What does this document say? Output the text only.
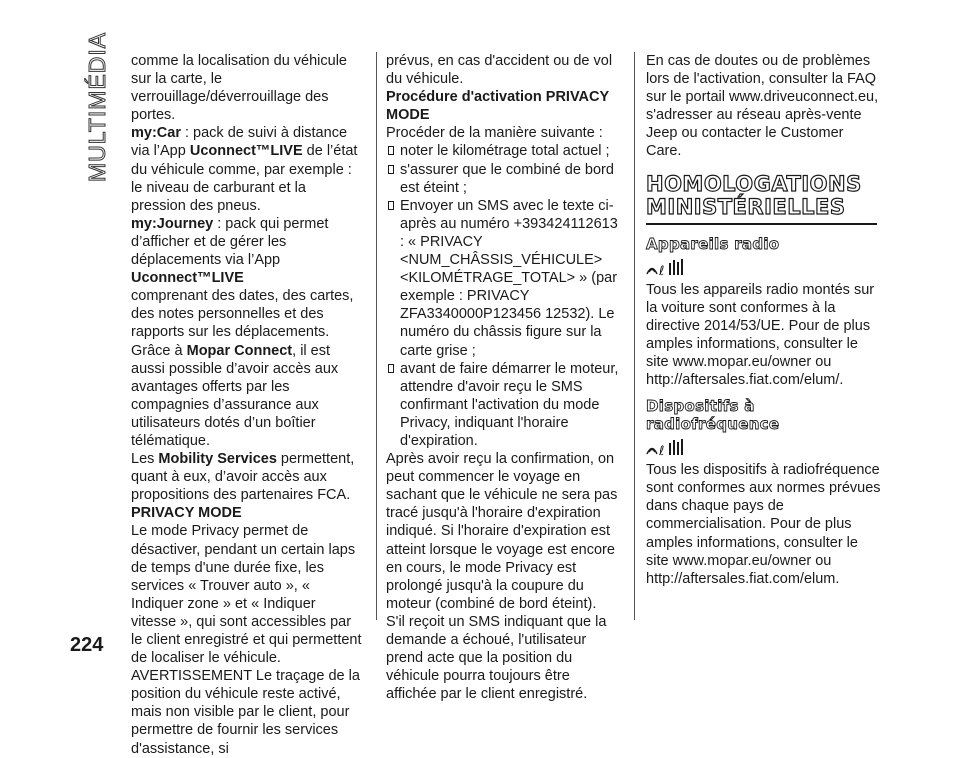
MULTIMÉDIA comme la localisation du véhicule sur la carte, le verrouillage/déverrouillage des portes.

my:Car : pack de suivi à distance via l’App Uconnect™LIVE de l’état du véhicule comme, par exemple : le niveau de carburant et la pression des pneus.

my:Journey : pack qui permet d’afficher et de gérer les déplacements via l’App Uconnect™LIVE

comprenant des dates, des cartes, des notes personnelles et des rapports sur les déplacements.

Grâce à Mopar Connect, il est aussi possible d’avoir accès aux avantages offerts par les compagnies d’assurance aux utilisateurs dotés d’un boîtier télématique.

Les Mobility Services permettent, quant à eux, d’avoir accès aux propositions des partenaires FCA.

PRIVACY MODE

Le mode Privacy permet de désactiver, pendant un certain laps de temps d'une durée fixe, les services « Trouver auto », « Indiquer zone » et « Indiquer vitesse », qui sont accessibles par le client enregistré et qui permettent de localiser le véhicule.

AVERTISSEMENT Le traçage de la position du véhicule reste activé, mais non visible par le client, pour permettre de fournir les services d'assistance, si

prévus, en cas d'accident ou de vol du véhicule.

Procédure d'activation PRIVACY MODE

Procéder de la manière suivante :

noter le kilométrage total actuel ;
s'assurer que le combiné de bord est éteint ;
Envoyer un SMS avec le texte ci-après au numéro +393424112613 : « PRIVACY <NUM_CHÂSSIS_VÉHICULE> <KILOMÉTRAGE_TOTAL> » (par exemple : PRIVACY ZFA3340000P123456 12532). Le numéro du châssis figure sur la carte grise ;
avant de faire démarrer le moteur, attendre d'avoir reçu le SMS confirmant l'activation du mode Privacy, indiquant l'horaire d'expiration.

Après avoir reçu la confirmation, on peut commencer le voyage en sachant que le véhicule ne sera pas tracé jusqu'à l'horaire d'expiration indiqué. Si l'horaire d'expiration est atteint lorsque le voyage est encore en cours, le mode Privacy est prolongé jusqu'à la coupure du moteur (combiné de bord éteint).

S'il reçoit un SMS indiquant que la demande a échoué, l'utilisateur prend acte que la position du véhicule pourra toujours être affichée par le client enregistré.

En cas de doutes ou de problèmes lors de l'activation, consulter la FAQ sur le portail www.driveuconnect.eu, s'adresser au réseau après-vente Jeep ou contacter le Customer Care.

HOMOLOGATIONS MINISTÉRIELLES
Appareils radio
ℓ

Tous les appareils radio montés sur la voiture sont conformes à la directive 2014/53/UE. Pour de plus amples informations, consulter le site www.mopar.eu/owner ou http://aftersales.fiat.com/elum/.

Dispositifs à radiofréquence
ℓ

Tous les dispositifs à radiofréquence sont conformes aux normes prévues dans chaque pays de commercialisation. Pour de plus amples informations, consulter le site www.mopar.eu/owner ou http://aftersales.fiat.com/elum.

224
